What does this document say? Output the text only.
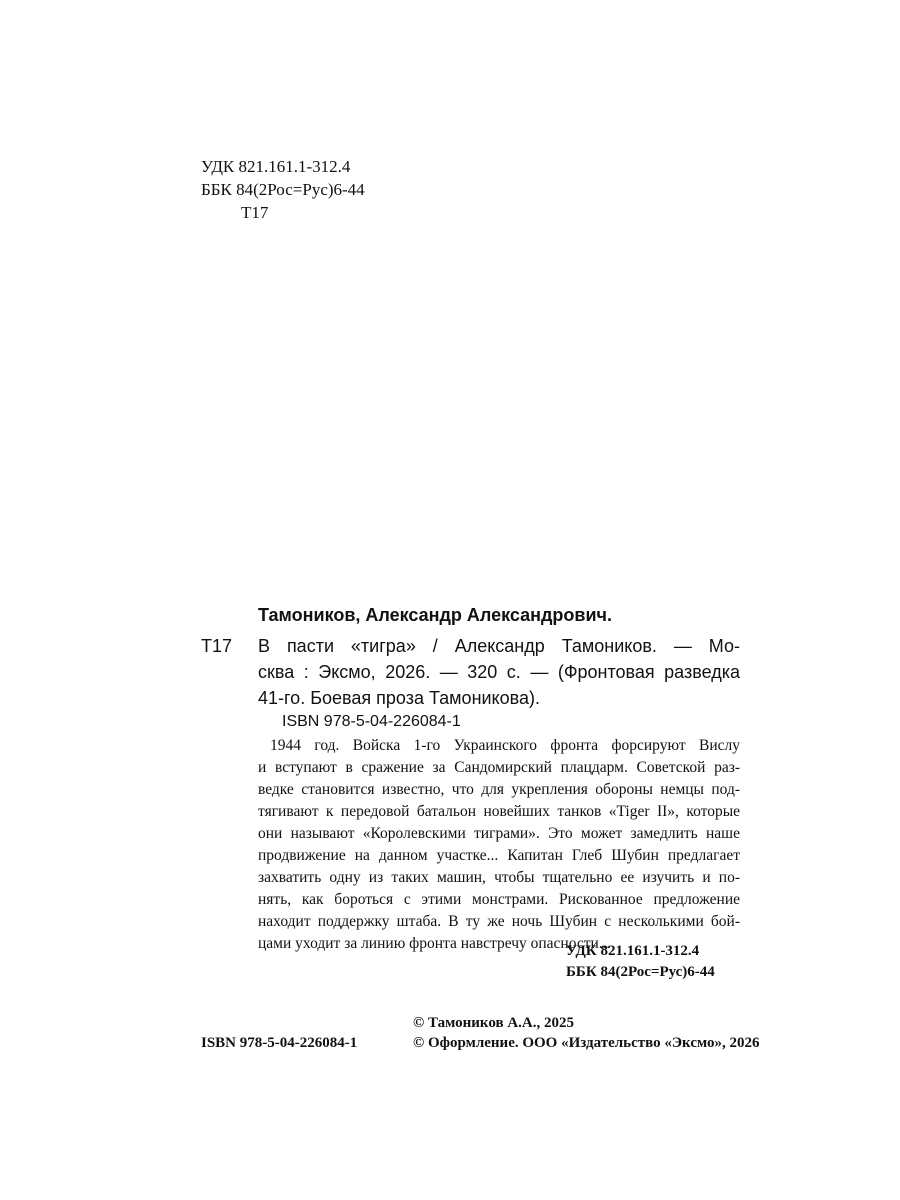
УДК 821.161.1-312.4
ББК 84(2Рос=Рус)6-44
Т17
Тамоников, Александр Александрович.
Т17 В пасти «тигра» / Александр Тамоников. — Мо-
сква : Эксмо, 2026. — 320 с. — (Фронтовая разведка
41-го. Боевая проза Тамоникова).
ISBN 978-5-04-226084-1

1944 год. Войска 1-го Украинского фронта форсируют Вислу

и вступают в сражение за Сандомирский плацдарм. Советской раз-

ведке становится известно, что для укрепления обороны немцы под-

тягивают к передовой батальон новейших танков «Tiger II», которые

они называют «Королевскими тиграми». Это может замедлить наше

продвижение на данном участке... Капитан Глеб Шубин предлагает

захватить одну из таких машин, чтобы тщательно ее изучить и по-

нять, как бороться с этими монстрами. Рискованное предложение

находит поддержку штаба. В ту же ночь Шубин с несколькими бой-

цами уходит за линию фронта навстречу опасности...

УДК 821.161.1-312.4
ББК 84(2Рос=Рус)6-44
© Тамоников А.А., 2025
ISBN 978-5-04-226084-1	© Оформление. ООО «Издательство «Эксмо», 2026
